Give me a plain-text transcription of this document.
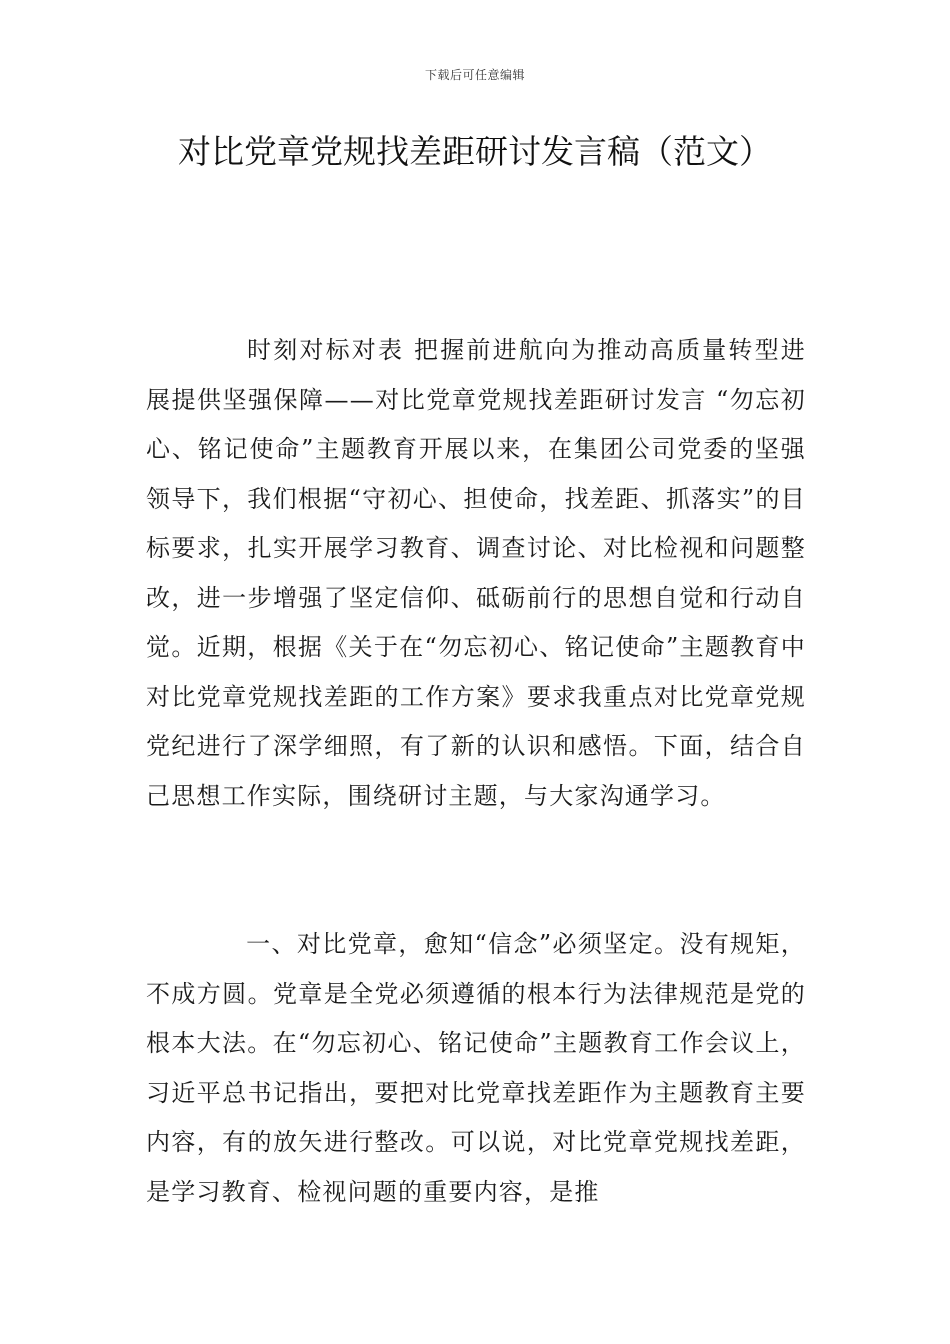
下载后可任意编辑
对比党章党规找差距研讨发言稿（范文）

时刻对标对表 把握前进航向为推动高质量转型进展提供坚强保障——对比党章党规找差距研讨发言 “勿忘初心、铭记使命”主题教育开展以来，在集团公司党委的坚强领导下，我们根据“守初心、担使命，找差距、抓落实”的目标要求，扎实开展学习教育、调查讨论、对比检视和问题整改，进一步增强了坚定信仰、砥砺前行的思想自觉和行动自觉。近期，根据《关于在“勿忘初心、铭记使命”主题教育中对比党章党规找差距的工作方案》要求我重点对比党章党规党纪进行了深学细照，有了新的认识和感悟。下面，结合自己思想工作实际，围绕研讨主题，与大家沟通学习。

一、对比党章，愈知“信念”必须坚定。没有规矩，不成方圆。党章是全党必须遵循的根本行为法律规范是党的根本大法。在“勿忘初心、铭记使命”主题教育工作会议上，习近平总书记指出，要把对比党章找差距作为主题教育主要内容，有的放矢进行整改。可以说，对比党章党规找差距，是学习教育、检视问题的重要内容，是推
